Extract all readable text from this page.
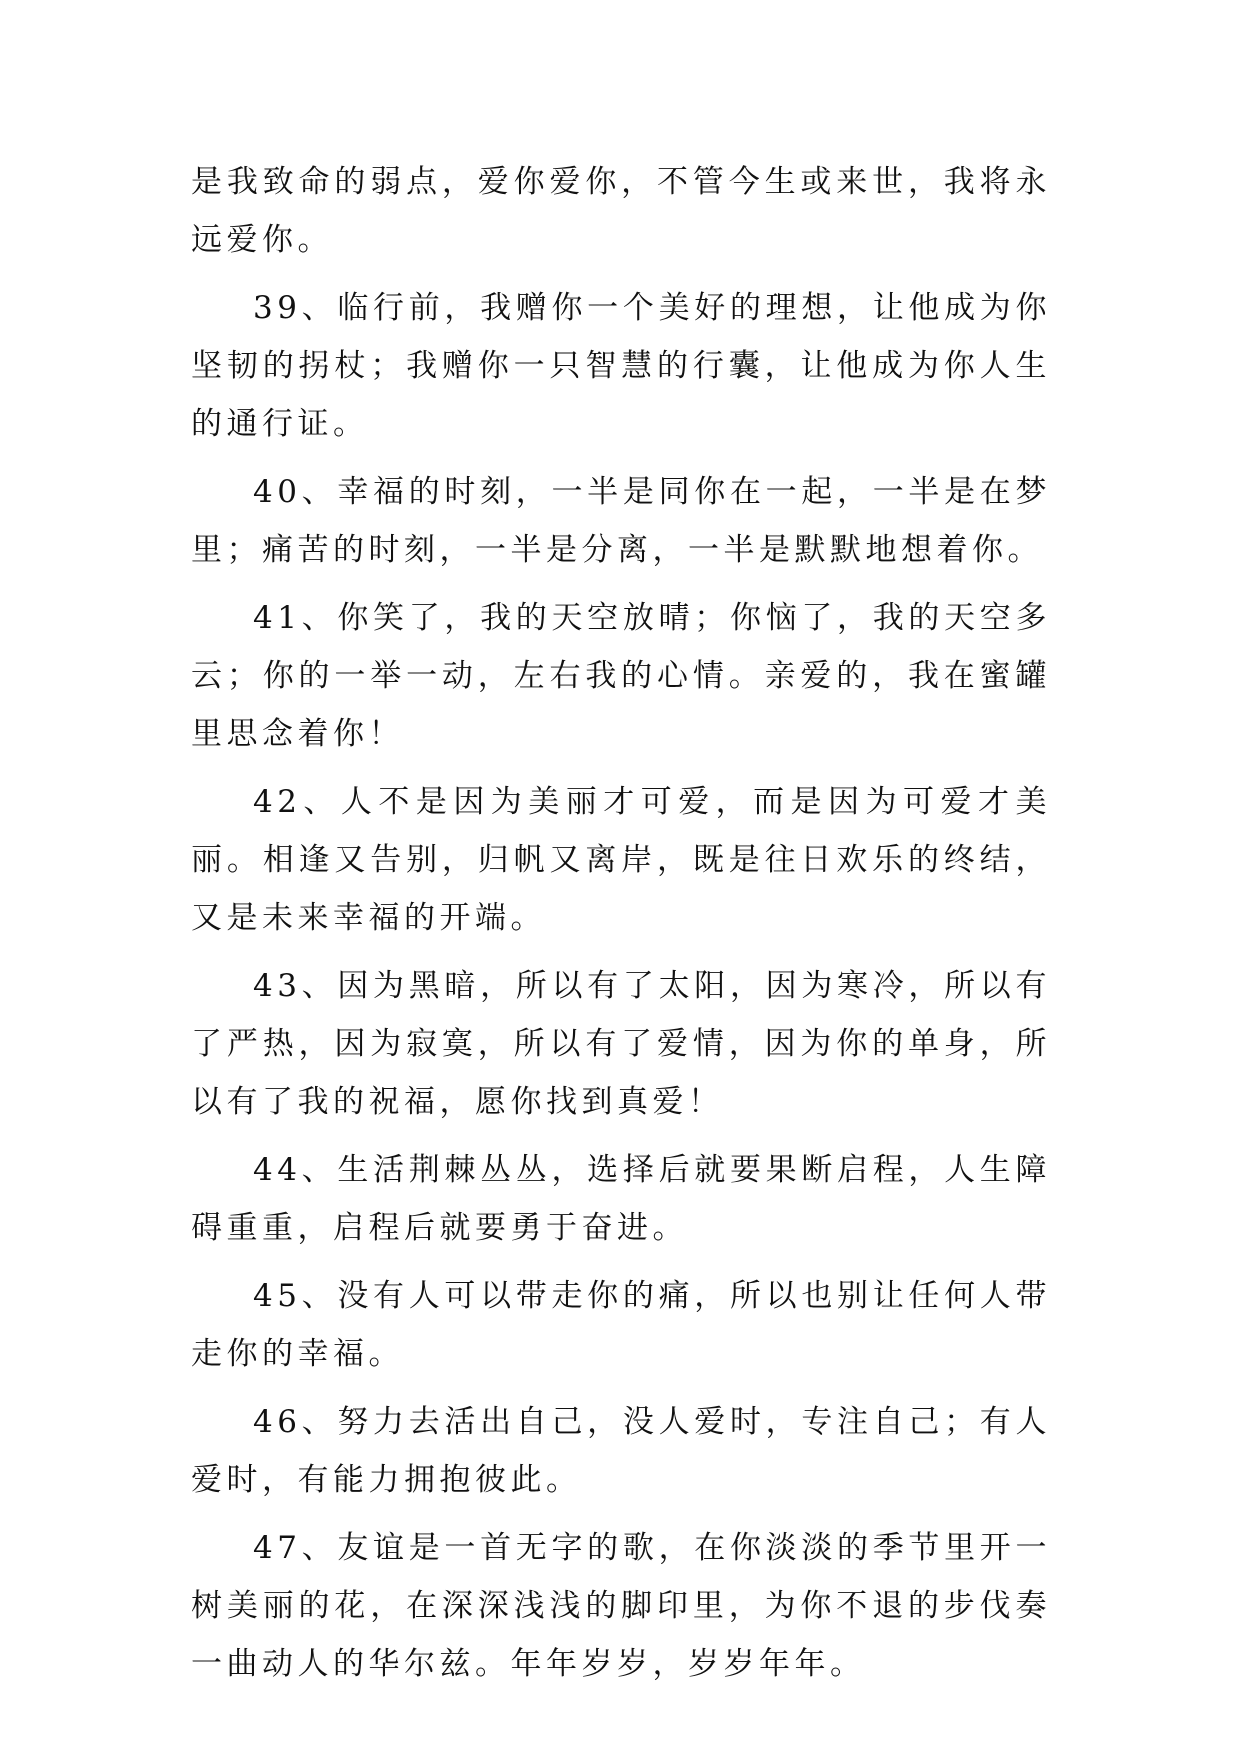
是我致命的弱点，爱你爱你，不管今生或来世，我将永远爱你。

39、临行前，我赠你一个美好的理想，让他成为你坚韧的拐杖；我赠你一只智慧的行囊，让他成为你人生的通行证。

40、幸福的时刻，一半是同你在一起，一半是在梦里；痛苦的时刻，一半是分离，一半是默默地想着你。

41、你笑了，我的天空放晴；你恼了，我的天空多云；你的一举一动，左右我的心情。亲爱的，我在蜜罐里思念着你！

42、人不是因为美丽才可爱，而是因为可爱才美丽。相逢又告别，归帆又离岸，既是往日欢乐的终结，又是未来幸福的开端。

43、因为黑暗，所以有了太阳，因为寒冷，所以有了严热，因为寂寞，所以有了爱情，因为你的单身，所以有了我的祝福，愿你找到真爱！

44、生活荆棘丛丛，选择后就要果断启程，人生障碍重重，启程后就要勇于奋进。

45、没有人可以带走你的痛，所以也别让任何人带走你的幸福。

46、努力去活出自己，没人爱时，专注自己；有人爱时，有能力拥抱彼此。

47、友谊是一首无字的歌，在你淡淡的季节里开一树美丽的花，在深深浅浅的脚印里，为你不退的步伐奏一曲动人的华尔兹。年年岁岁，岁岁年年。
